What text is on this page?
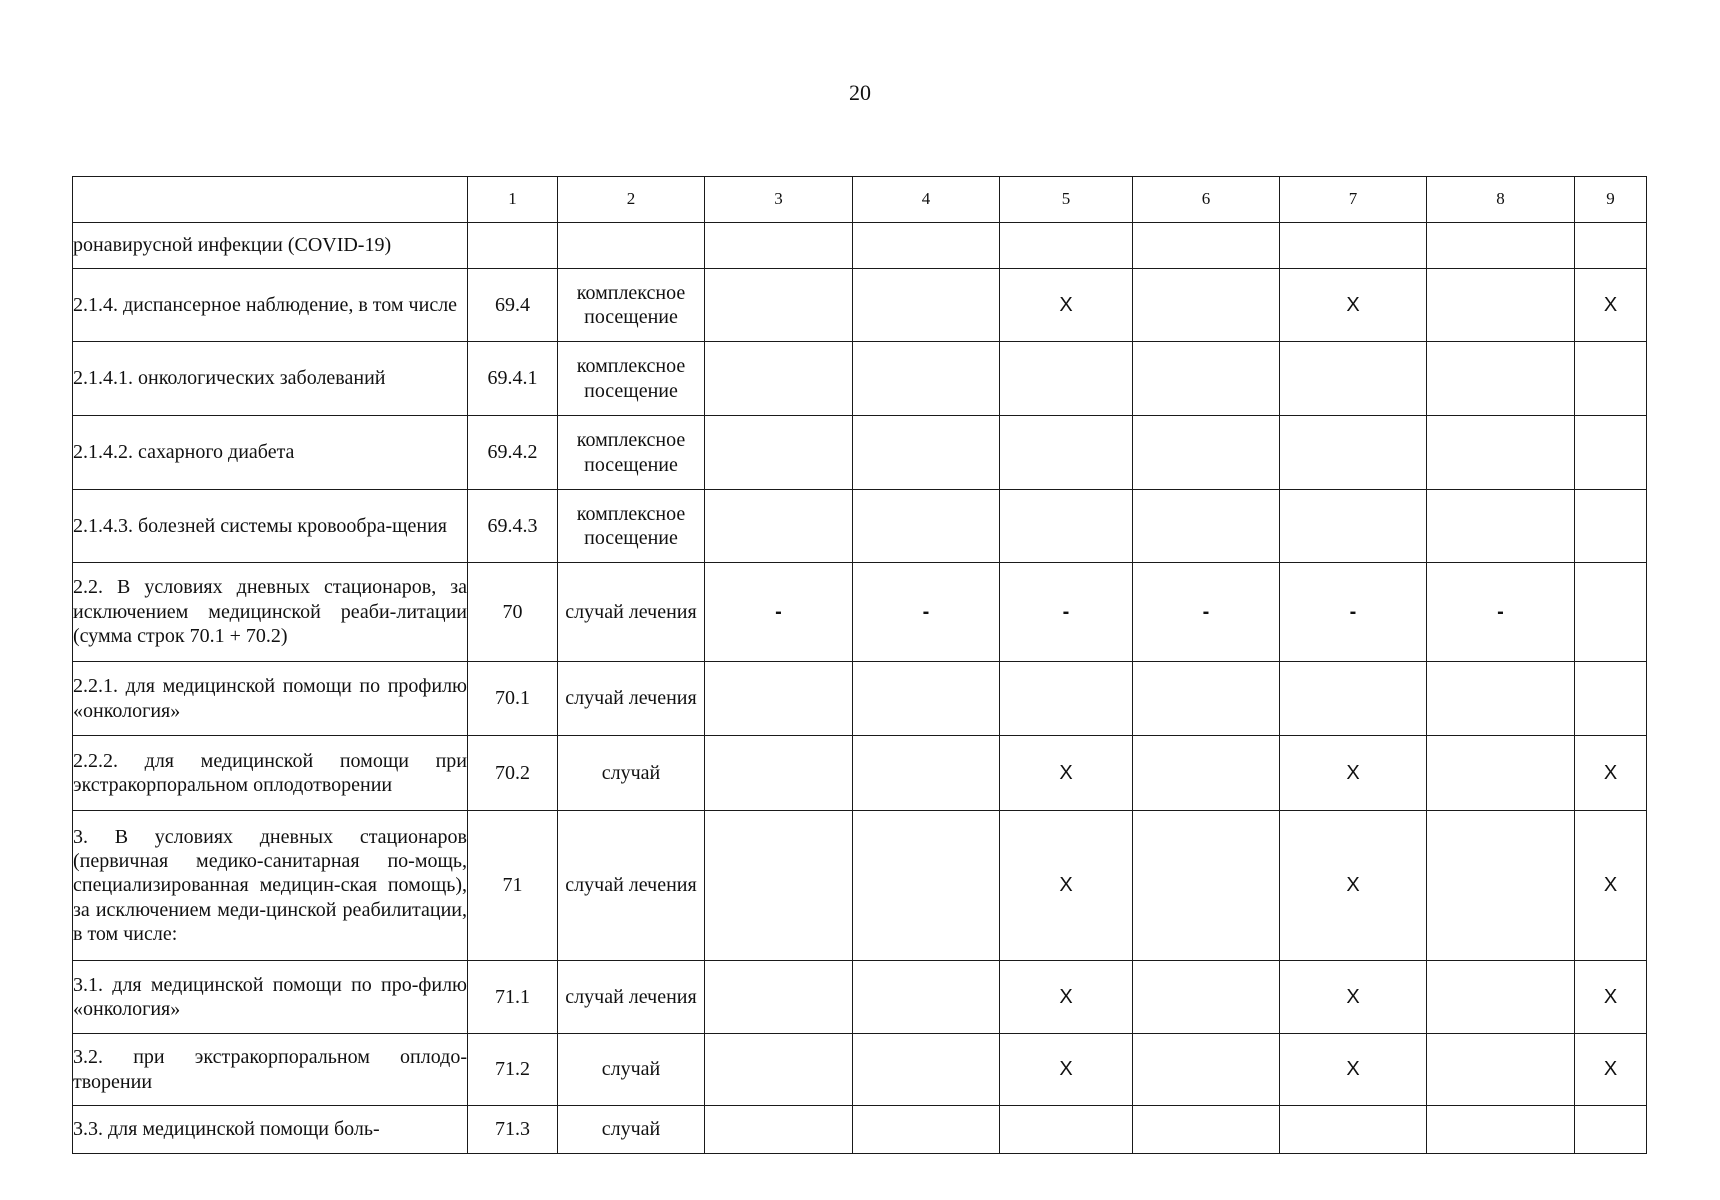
20
	1	2	3	4	5	6	7	8	9
ронавирусной инфекции (COVID-19)									
2.1.4. диспансерное наблюдение, в том числе	69.4	комплексное посещение			X		X		X
2.1.4.1. онкологических заболеваний	69.4.1	комплексное посещение							
2.1.4.2. сахарного диабета	69.4.2	комплексное посещение							
2.1.4.3. болезней системы кровообра-щения	69.4.3	комплексное посещение							
2.2. В условиях дневных стационаров, за исключением медицинской реаби-литации (сумма строк 70.1 + 70.2)	70	случай лечения	-	-	-	-	-	-	
2.2.1. для медицинской помощи по профилю «онкология»	70.1	случай лечения							
2.2.2. для медицинской помощи при экстракорпоральном оплодотворении	70.2	случай			X		X		X
3. В условиях дневных стационаров (первичная медико-санитарная по-мощь, специализированная медицин-ская помощь), за исключением меди-цинской реабилитации, в том числе:	71	случай лечения			X		X		X
3.1. для медицинской помощи по про-филю «онкология»	71.1	случай лечения			X		X		X
3.2. при экстракорпоральном оплодо-творении	71.2	случай			X		X		X
3.3. для медицинской помощи боль-	71.3	случай							
